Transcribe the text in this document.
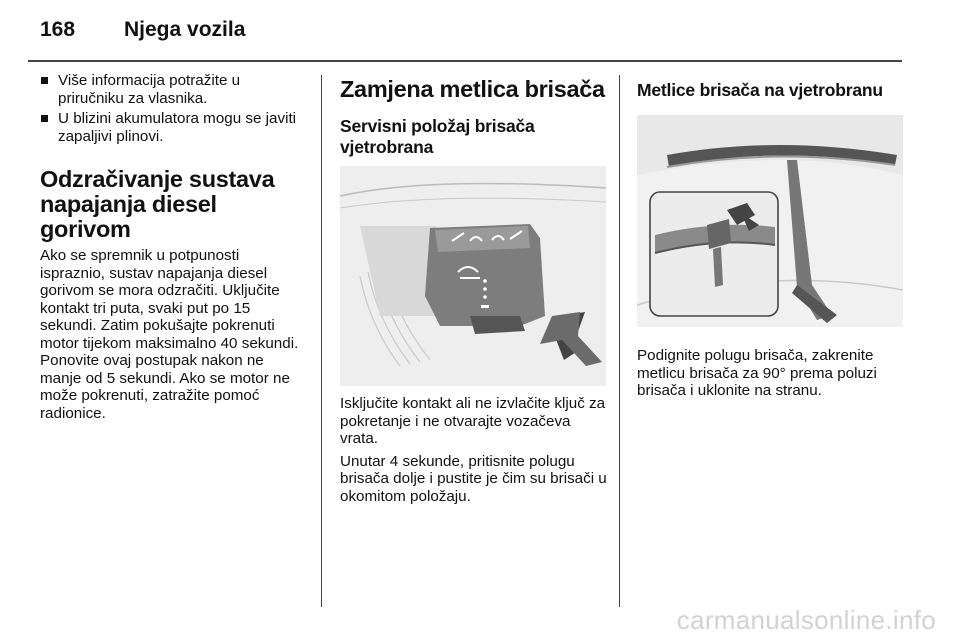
168 Njega vozila
Više informacija potražite u priručniku za vlasnika.
U blizini akumulatora mogu se javiti zapaljivi plinovi.
Odzračivanje sustava napajanja diesel gorivom

Ako se spremnik u potpunosti ispraznio, sustav napajanja diesel gorivom se mora odzračiti. Uključite kontakt tri puta, svaki put po 15 sekundi. Zatim pokušajte pokrenuti motor tijekom maksimalno 40 sekundi. Ponovite ovaj postupak nakon ne manje od 5 sekundi. Ako se motor ne može pokrenuti, zatražite pomoć radionice.

Zamjena metlica brisača
Servisni položaj brisača vjetrobrana

Isključite kontakt ali ne izvlačite ključ za pokretanje i ne otvarajte vozačeva vrata.

Unutar 4 sekunde, pritisnite polugu brisača dolje i pustite je čim su brisači u okomitom položaju.

Metlice brisača na vjetrobranu

Podignite polugu brisača, zakrenite metlicu brisača za 90° prema poluzi brisača i uklonite na stranu.

carmanualsonline.info
